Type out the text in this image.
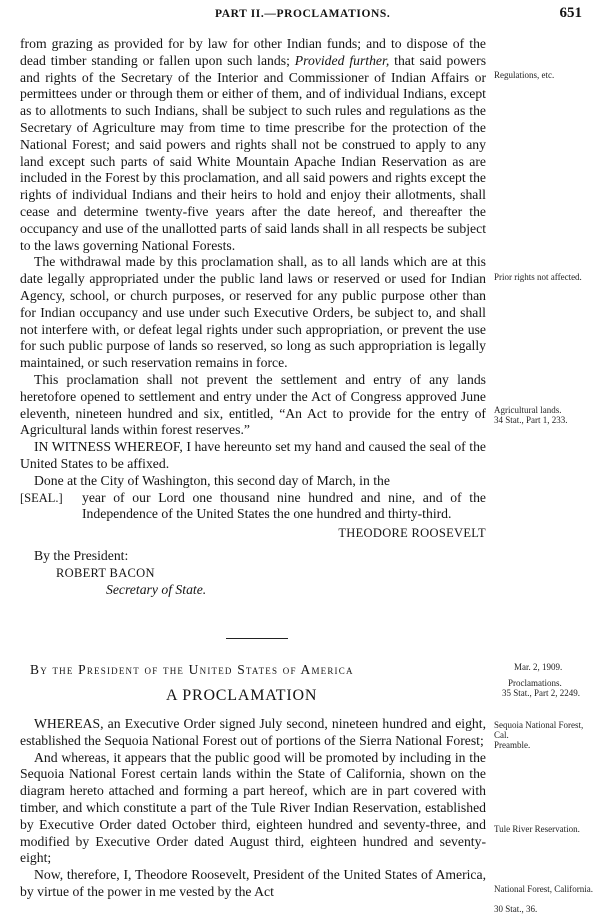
PART II.—PROCLAMATIONS.	651

from grazing as provided for by law for other Indian funds; and to dispose of the dead timber standing or fallen upon such lands; Provided further, that said powers and rights of the Secretary of the Interior and Commissioner of Indian Affairs or permittees under or through them or either of them, and of individual Indians, except as to allotments to such Indians, shall be subject to such rules and regulations as the Secretary of Agriculture may from time to time prescribe for the protection of the National Forest; and said powers and rights shall not be construed to apply to any land except such parts of said White Mountain Apache Indian Reservation as are included in the Forest by this proclamation, and all said powers and rights except the rights of individual Indians and their heirs to hold and enjoy their allotments, shall cease and determine twenty-five years after the date hereof, and thereafter the occupancy and use of the unallotted parts of said lands shall in all respects be subject to the laws governing National Forests.

The withdrawal made by this proclamation shall, as to all lands which are at this date legally appropriated under the public land laws or reserved or used for Indian Agency, school, or church purposes, or reserved for any public purpose other than for Indian occupancy and use under such Executive Orders, be subject to, and shall not interfere with, or defeat legal rights under such appropriation, or prevent the use for such public purpose of lands so reserved, so long as such appropriation is legally maintained, or such reservation remains in force.

This proclamation shall not prevent the settlement and entry of any lands heretofore opened to settlement and entry under the Act of Congress approved June eleventh, nineteen hundred and six, entitled, “An Act to provide for the entry of Agricultural lands within forest reserves.”

IN WITNESS WHEREOF, I have hereunto set my hand and caused the seal of the United States to be affixed.

Done at the City of Washington, this second day of March, in the

[SEAL.] year of our Lord one thousand nine hundred and nine, and of the Independence of the United States the one hundred and thirty-third.

THEODORE ROOSEVELT

By the President:

ROBERT BACON

Secretary of State.

By the President of the United States of America
A PROCLAMATION

WHEREAS, an Executive Order signed July second, nineteen hundred and eight, established the Sequoia National Forest out of portions of the Sierra National Forest;

And whereas, it appears that the public good will be promoted by including in the Sequoia National Forest certain lands within the State of California, shown on the diagram hereto attached and forming a part hereof, which are in part covered with timber, and which constitute a part of the Tule River Indian Reservation, established by Executive Order dated October third, eighteen hundred and seventy-three, and modified by Executive Order dated August third, eighteen hundred and seventy-eight;

Now, therefore, I, Theodore Roosevelt, President of the United States of America, by virtue of the power in me vested by the Act

Regulations, etc.
Prior rights not affected.
Agricultural lands.
34 Stat., Part 1, 233.
Mar. 2, 1909.
Proclamations.
35 Stat., Part 2, 2249.
Sequoia National Forest, Cal.
Preamble.
Tule River Reservation.
National Forest, California.
30 Stat., 36.
